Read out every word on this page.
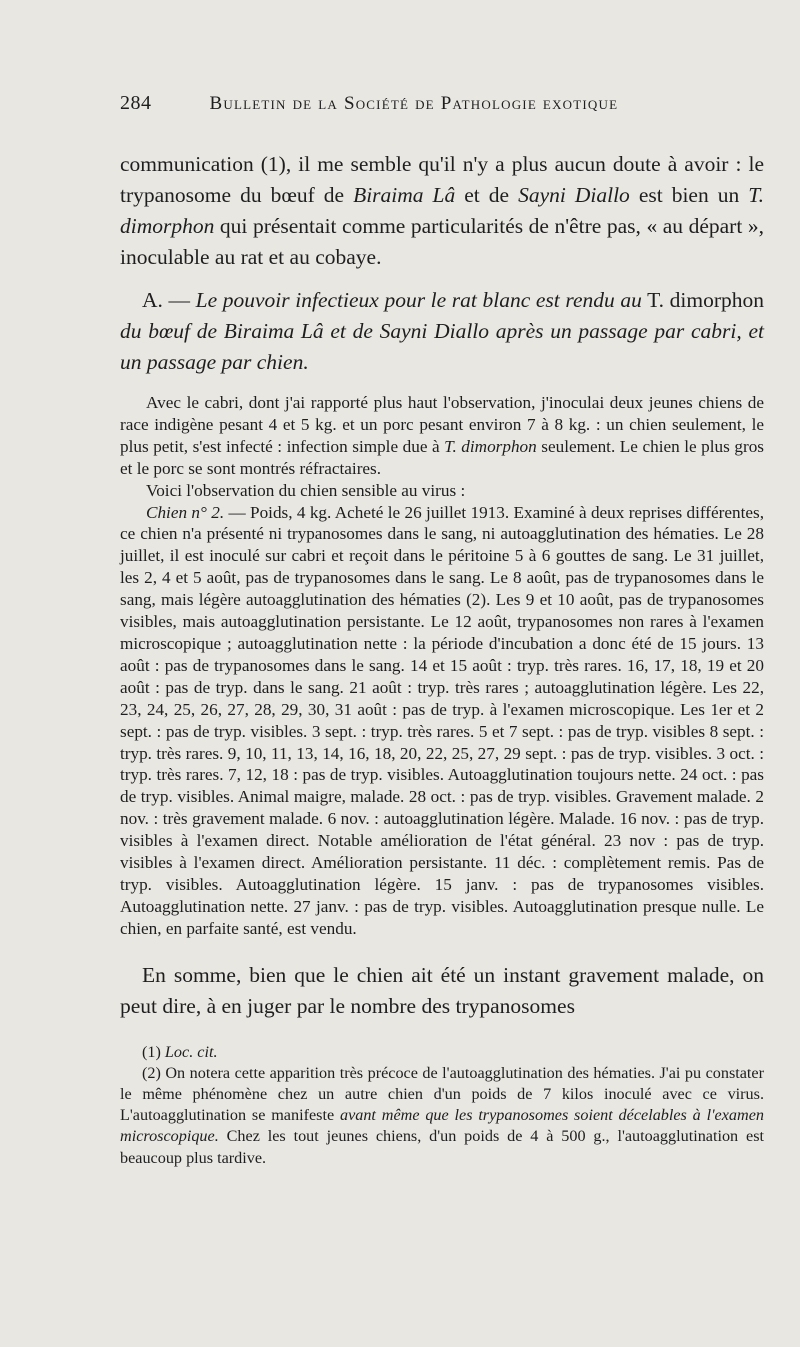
284	Bulletin de la Société de Pathologie exotique

communication (1), il me semble qu'il n'y a plus aucun doute à avoir : le trypanosome du bœuf de Biraima Lâ et de Sayni Diallo est bien un T. dimorphon qui présentait comme particularités de n'être pas, « au départ », inoculable au rat et au cobaye.

A. — Le pouvoir infectieux pour le rat blanc est rendu au T. dimorphon du bœuf de Biraima Lâ et de Sayni Diallo après un passage par cabri, et un passage par chien.

Avec le cabri, dont j'ai rapporté plus haut l'observation, j'inoculai deux jeunes chiens de race indigène pesant 4 et 5 kg. et un porc pesant environ 7 à 8 kg. : un chien seulement, le plus petit, s'est infecté : infection simple due à T. dimorphon seulement. Le chien le plus gros et le porc se sont montrés réfractaires.

Voici l'observation du chien sensible au virus :

Chien n° 2. — Poids, 4 kg. Acheté le 26 juillet 1913. Examiné à deux reprises différentes, ce chien n'a présenté ni trypanosomes dans le sang, ni autoagglutination des hématies. Le 28 juillet, il est inoculé sur cabri et reçoit dans le péritoine 5 à 6 gouttes de sang. Le 31 juillet, les 2, 4 et 5 août, pas de trypanosomes dans le sang. Le 8 août, pas de trypanosomes dans le sang, mais légère autoagglutination des hématies (2). Les 9 et 10 août, pas de trypanosomes visibles, mais autoagglutination persistante. Le 12 août, trypanosomes non rares à l'examen microscopique ; autoagglutination nette : la période d'incubation a donc été de 15 jours. 13 août : pas de trypanosomes dans le sang. 14 et 15 août : tryp. très rares. 16, 17, 18, 19 et 20 août : pas de tryp. dans le sang. 21 août : tryp. très rares ; autoagglutination légère. Les 22, 23, 24, 25, 26, 27, 28, 29, 30, 31 août : pas de tryp. à l'examen microscopique. Les 1er et 2 sept. : pas de tryp. visibles. 3 sept. : tryp. très rares. 5 et 7 sept. : pas de tryp. visibles 8 sept. : tryp. très rares. 9, 10, 11, 13, 14, 16, 18, 20, 22, 25, 27, 29 sept. : pas de tryp. visibles. 3 oct. : tryp. très rares. 7, 12, 18 : pas de tryp. visibles. Autoagglutination toujours nette. 24 oct. : pas de tryp. visibles. Animal maigre, malade. 28 oct. : pas de tryp. visibles. Gravement malade. 2 nov. : très gravement malade. 6 nov. : autoagglutination légère. Malade. 16 nov. : pas de tryp. visibles à l'examen direct. Notable amélioration de l'état général. 23 nov : pas de tryp. visibles à l'examen direct. Amélioration persistante. 11 déc. : complètement remis. Pas de tryp. visibles. Autoagglutination légère. 15 janv. : pas de trypanosomes visibles. Autoagglutination nette. 27 janv. : pas de tryp. visibles. Autoagglutination presque nulle. Le chien, en parfaite santé, est vendu.

En somme, bien que le chien ait été un instant gravement malade, on peut dire, à en juger par le nombre des trypanosomes

(1) Loc. cit.

(2) On notera cette apparition très précoce de l'autoagglutination des hématies. J'ai pu constater le même phénomène chez un autre chien d'un poids de 7 kilos inoculé avec ce virus. L'autoagglutination se manifeste avant même que les trypanosomes soient décelables à l'examen microscopique. Chez les tout jeunes chiens, d'un poids de 4 à 500 g., l'autoagglutination est beaucoup plus tardive.
